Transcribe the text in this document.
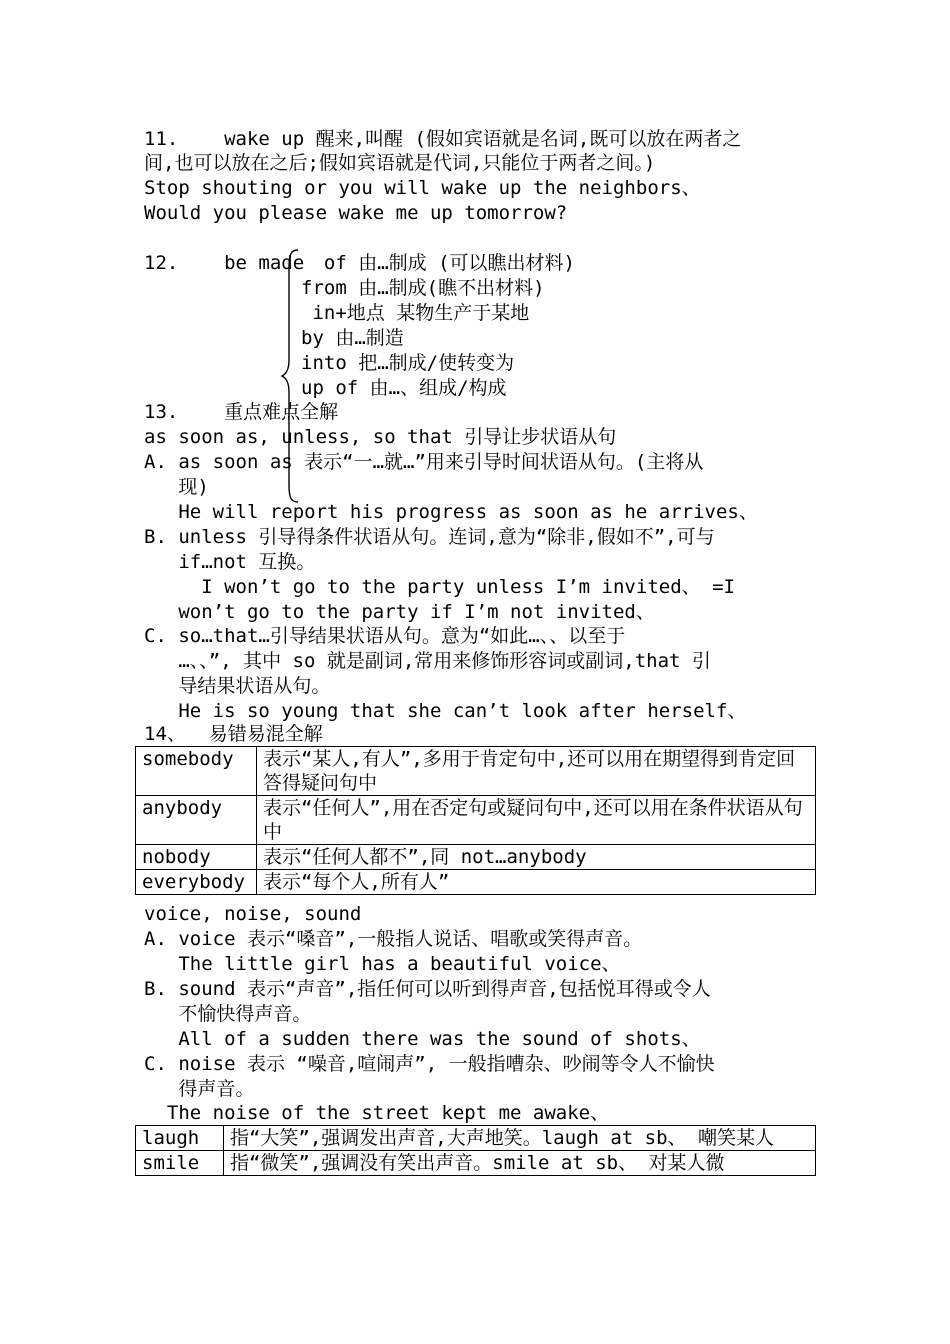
11.    wake up 醒来,叫醒 (假如宾语就是名词,既可以放在两者之
间,也可以放在之后;假如宾语就是代词,只能位于两者之间。)
Stop shouting or you will wake up the neighbors、
Would you please wake me up tomorrow?
12.    be made
of 由…制成 (可以瞧出材料)
from 由…制成(瞧不出材料)
in+地点 某物生产于某地
by 由…制造
into 把…制成/使转变为
up of 由…、组成/构成
13.    重点难点全解
as soon as, unless, so that 引导让步状语从句
A. as soon as 表示“一…就…”用来引导时间状语从句。(主将从
现)
He will report his progress as soon as he arrives、
B. unless 引导得条件状语从句。连词,意为“除非,假如不”,可与
if…not 互换。
I won’t go to the party unless I’m invited、 =I
won’t go to the party if I’m not invited、
C. so…that…引导结果状语从句。意为“如此…、、以至于
…、、”, 其中 so 就是副词,常用来修饰形容词或副词,that 引
导结果状语从句。
He is so young that she can’t look after herself、
14、  易错易混全解
somebody	表示“某人,有人”,多用于肯定句中,还可以用在期望得到肯定回答得疑问句中
anybody	表示“任何人”,用在否定句或疑问句中,还可以用在条件状语从句中
nobody	表示“任何人都不”,同 not…anybody
everybody	表示“每个人,所有人”
voice, noise, sound
A. voice 表示“嗓音”,一般指人说话、唱歌或笑得声音。
The little girl has a beautiful voice、
B. sound 表示“声音”,指任何可以听到得声音,包括悦耳得或令人
不愉快得声音。
All of a sudden there was the sound of shots、
C. noise 表示 “噪音,喧闹声”, 一般指嘈杂、吵闹等令人不愉快
得声音。
The noise of the street kept me awake、
laugh	指“大笑”,强调发出声音,大声地笑。laugh at sb、 嘲笑某人
smile	指“微笑”,强调没有笑出声音。smile at sb、 对某人微
